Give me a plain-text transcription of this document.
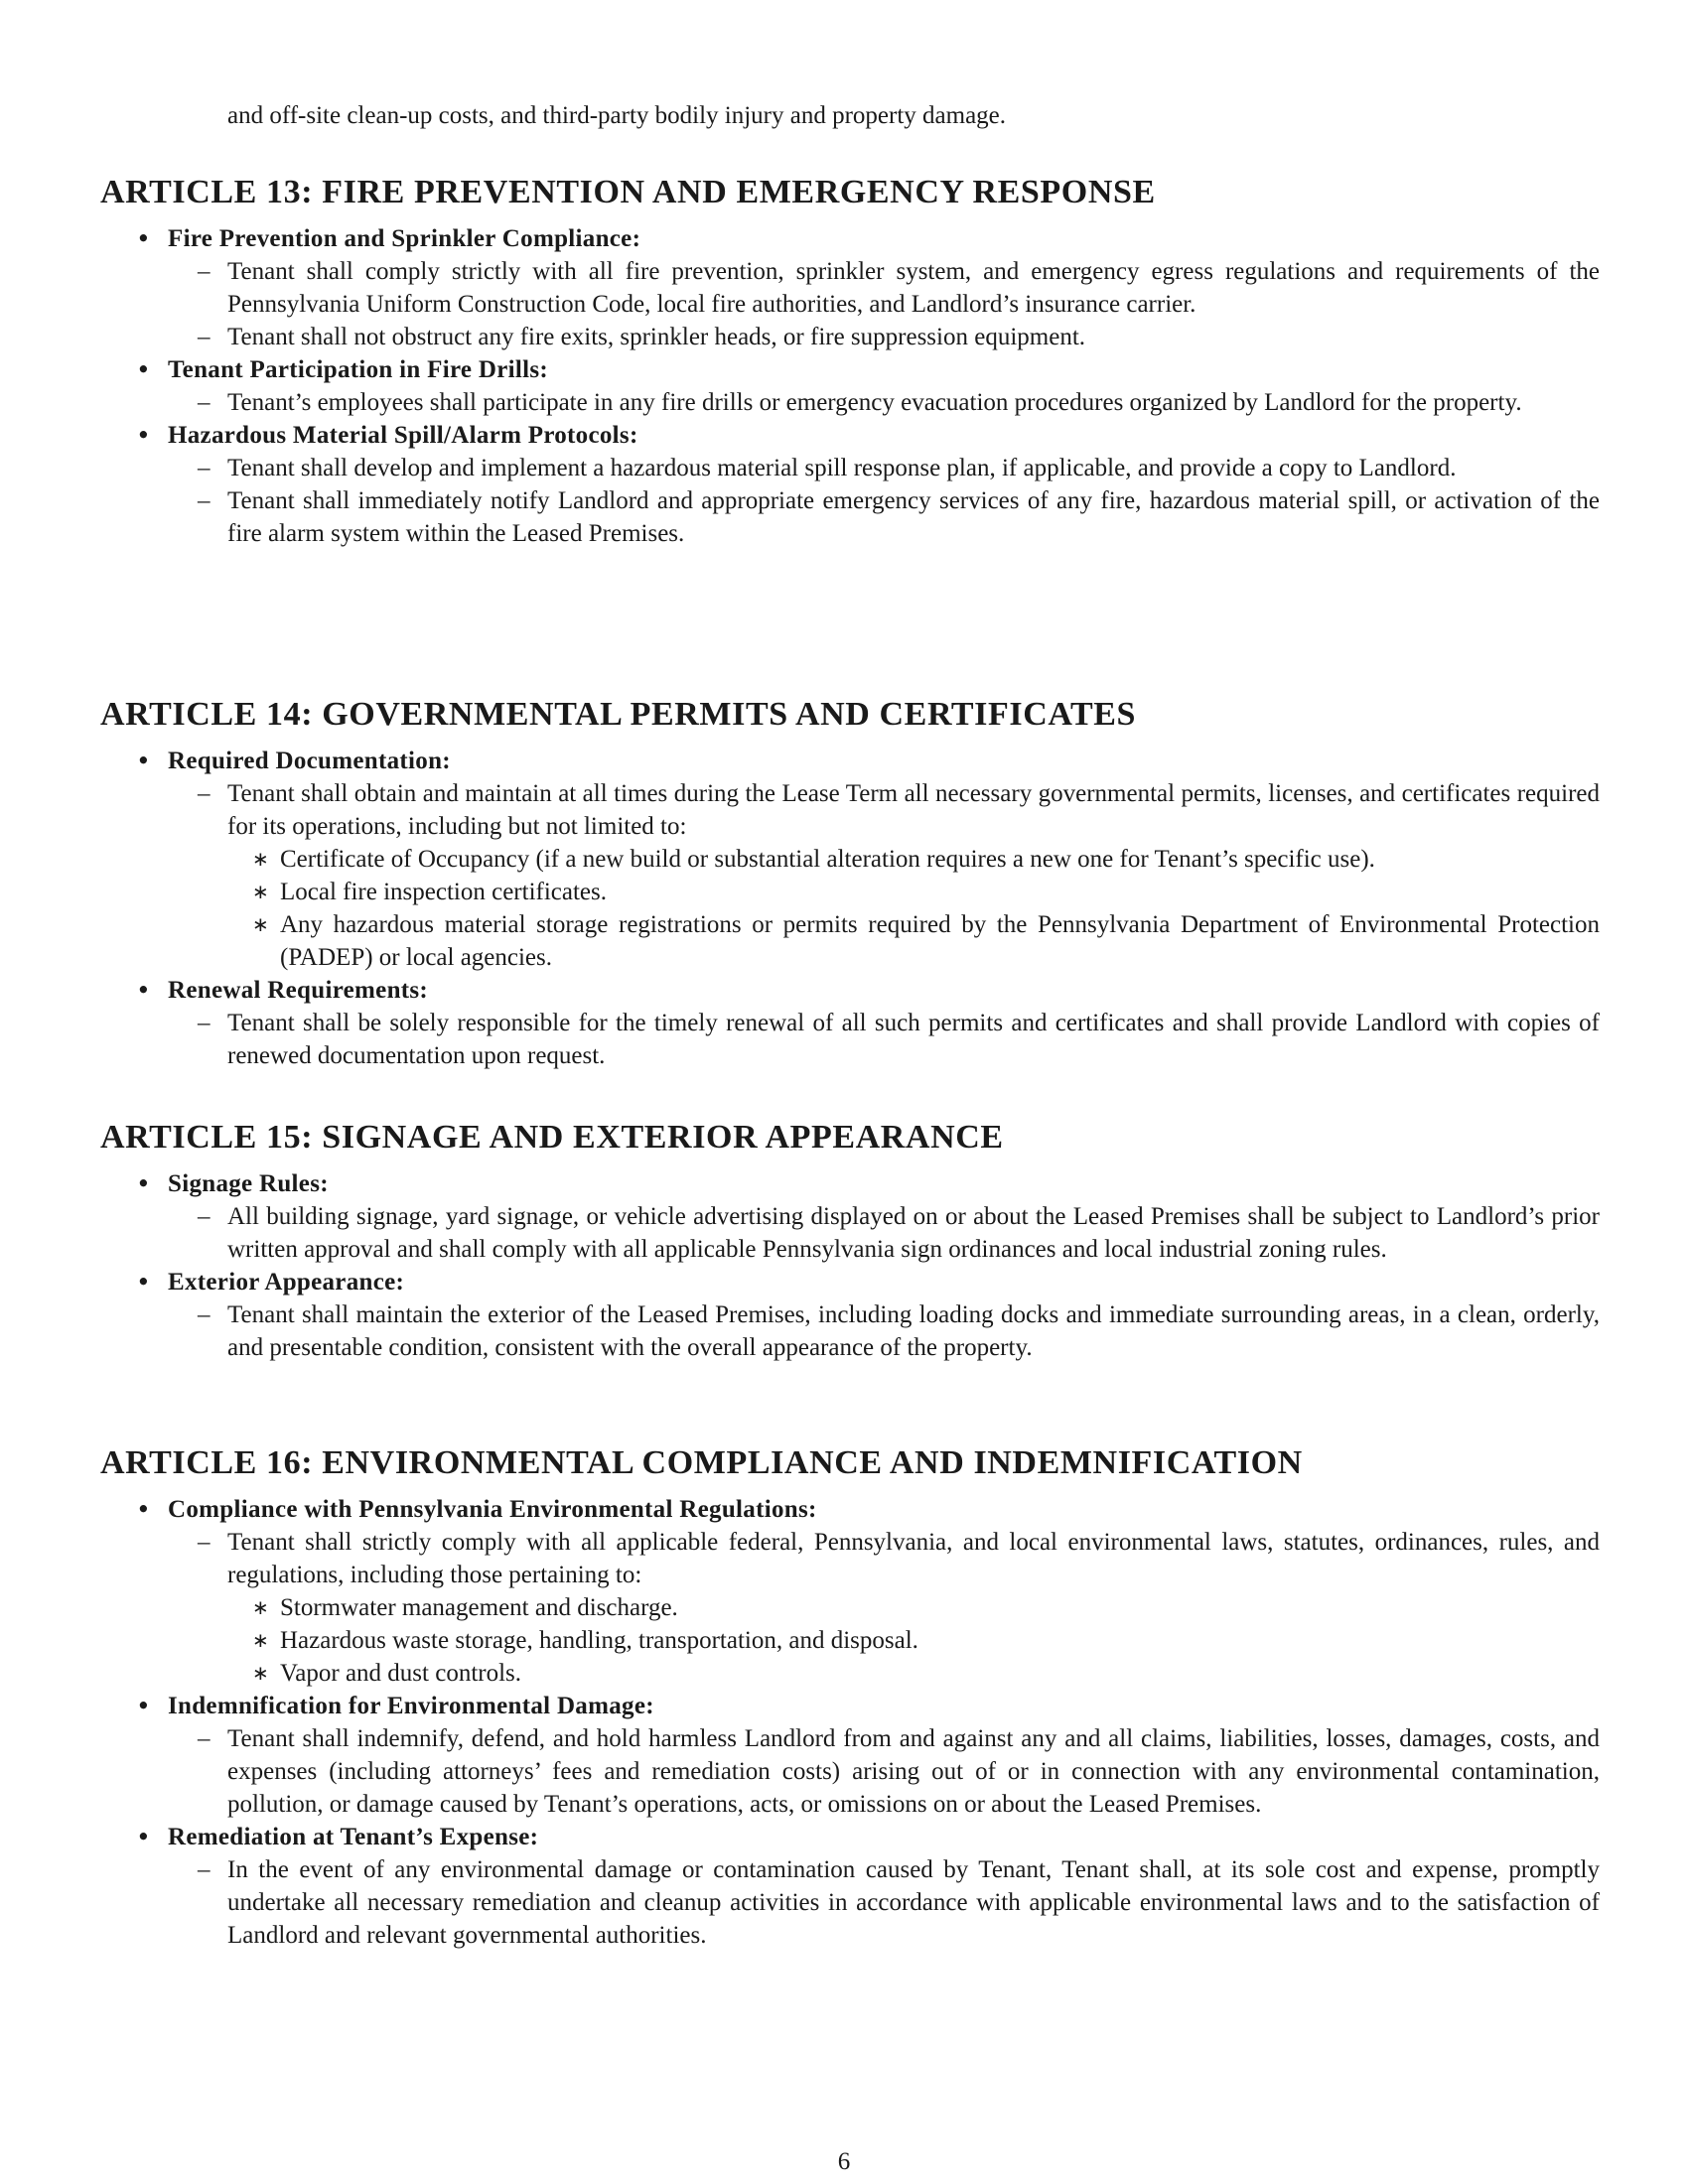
and off-site clean-up costs, and third-party bodily injury and property damage.
ARTICLE 13: FIRE PREVENTION AND EMERGENCY RESPONSE
• Fire Prevention and Sprinkler Compliance:
– Tenant shall comply strictly with all fire prevention, sprinkler system, and emergency egress regulations and requirements of the Pennsylvania Uniform Construction Code, local fire authorities, and Landlord’s insurance carrier.
– Tenant shall not obstruct any fire exits, sprinkler heads, or fire suppression equipment.
• Tenant Participation in Fire Drills:
– Tenant’s employees shall participate in any fire drills or emergency evacuation procedures organized by Landlord for the property.
• Hazardous Material Spill/Alarm Protocols:
– Tenant shall develop and implement a hazardous material spill response plan, if applicable, and provide a copy to Landlord.
– Tenant shall immediately notify Landlord and appropriate emergency services of any fire, hazardous material spill, or activation of the fire alarm system within the Leased Premises.
ARTICLE 14: GOVERNMENTAL PERMITS AND CERTIFICATES
• Required Documentation:
– Tenant shall obtain and maintain at all times during the Lease Term all necessary governmental permits, licenses, and certificates required for its operations, including but not limited to:
∗ Certificate of Occupancy (if a new build or substantial alteration requires a new one for Tenant’s specific use).
∗ Local fire inspection certificates.
∗ Any hazardous material storage registrations or permits required by the Pennsylvania Department of Environmental Protection (PADEP) or local agencies.
• Renewal Requirements:
– Tenant shall be solely responsible for the timely renewal of all such permits and certificates and shall provide Landlord with copies of renewed documentation upon request.
ARTICLE 15: SIGNAGE AND EXTERIOR APPEARANCE
• Signage Rules:
– All building signage, yard signage, or vehicle advertising displayed on or about the Leased Premises shall be subject to Landlord’s prior written approval and shall comply with all applicable Pennsylvania sign ordinances and local industrial zoning rules.
• Exterior Appearance:
– Tenant shall maintain the exterior of the Leased Premises, including loading docks and immediate surrounding areas, in a clean, orderly, and presentable condition, consistent with the overall appearance of the property.
ARTICLE 16: ENVIRONMENTAL COMPLIANCE AND INDEMNIFICATION
• Compliance with Pennsylvania Environmental Regulations:
– Tenant shall strictly comply with all applicable federal, Pennsylvania, and local environmental laws, statutes, ordinances, rules, and regulations, including those pertaining to:
∗ Stormwater management and discharge.
∗ Hazardous waste storage, handling, transportation, and disposal.
∗ Vapor and dust controls.
• Indemnification for Environmental Damage:
– Tenant shall indemnify, defend, and hold harmless Landlord from and against any and all claims, liabilities, losses, damages, costs, and expenses (including attorneys’ fees and remediation costs) arising out of or in connection with any environmental contamination, pollution, or damage caused by Tenant’s operations, acts, or omissions on or about the Leased Premises.
• Remediation at Tenant’s Expense:
– In the event of any environmental damage or contamination caused by Tenant, Tenant shall, at its sole cost and expense, promptly undertake all necessary remediation and cleanup activities in accordance with applicable environmental laws and to the satisfaction of Landlord and relevant governmental authorities.
6
